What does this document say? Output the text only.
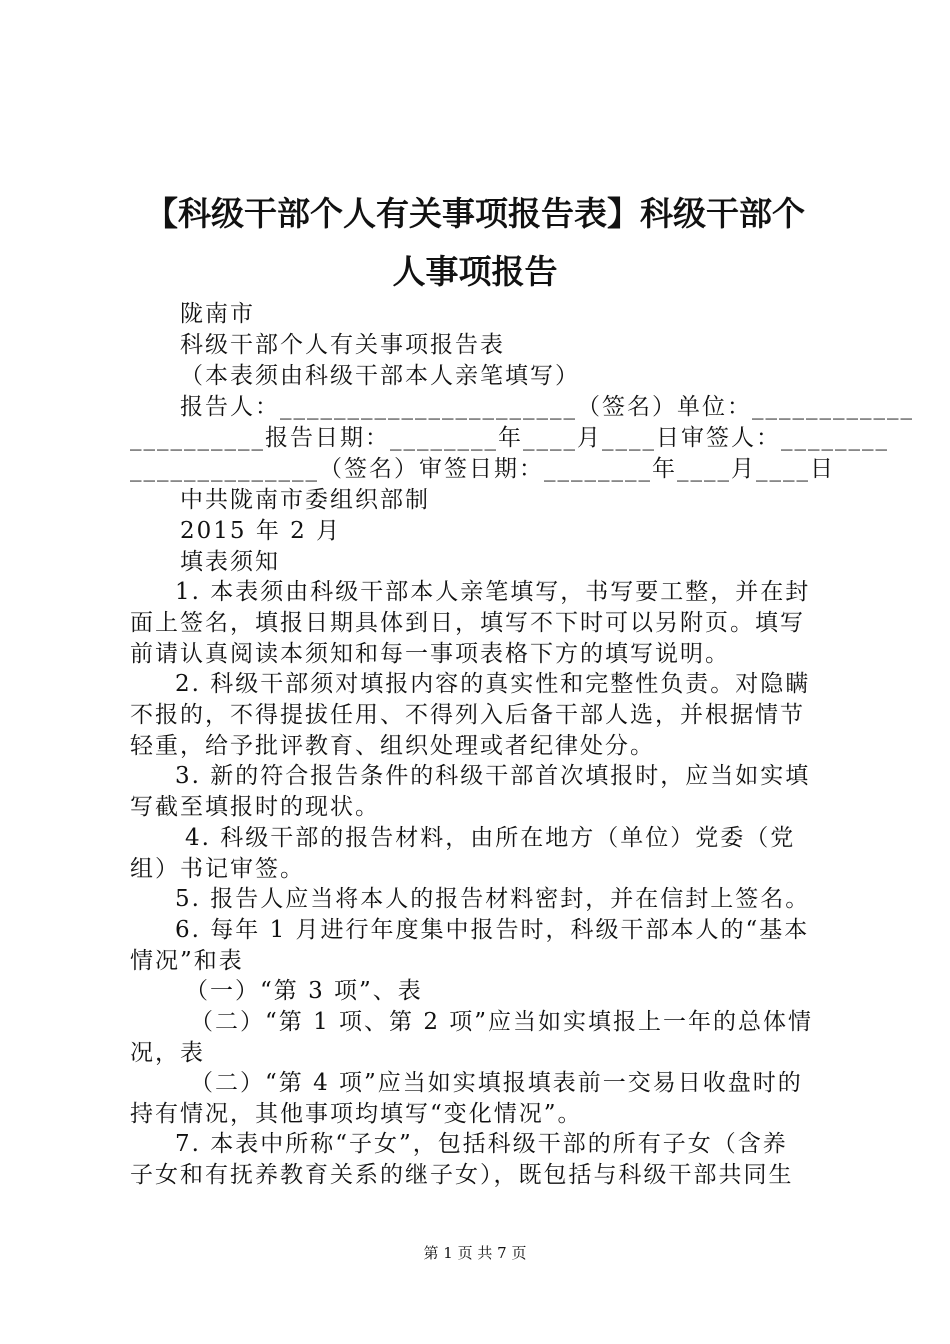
【科级干部个人有关事项报告表】科级干部个
人事项报告
陇南市
科级干部个人有关事项报告表
（本表须由科级干部本人亲笔填写）
报告人：______________________（签名）单位：____________
__________报告日期：________年____月____日审签人：________
______________（签名）审签日期：________年____月____日
中共陇南市委组织部制
2015 年 2 月
填表须知
1. 本表须由科级干部本人亲笔填写，书写要工整，并在封
面上签名，填报日期具体到日，填写不下时可以另附页。填写
前请认真阅读本须知和每一事项表格下方的填写说明。
2. 科级干部须对填报内容的真实性和完整性负责。对隐瞒
不报的，不得提拔任用、不得列入后备干部人选，并根据情节
轻重，给予批评教育、组织处理或者纪律处分。
3. 新的符合报告条件的科级干部首次填报时，应当如实填
写截至填报时的现状。
4. 科级干部的报告材料，由所在地方（单位）党委（党
组）书记审签。
5. 报告人应当将本人的报告材料密封，并在信封上签名。
6. 每年 1 月进行年度集中报告时，科级干部本人的“基本
情况”和表
（一）“第 3 项”、表
（二）“第 1 项、第 2 项”应当如实填报上一年的总体情
况，表
（二）“第 4 项”应当如实填报填表前一交易日收盘时的
持有情况，其他事项均填写“变化情况”。
7. 本表中所称“子女”，包括科级干部的所有子女（含养
子女和有抚养教育关系的继子女），既包括与科级干部共同生
第 1 页 共 7 页
